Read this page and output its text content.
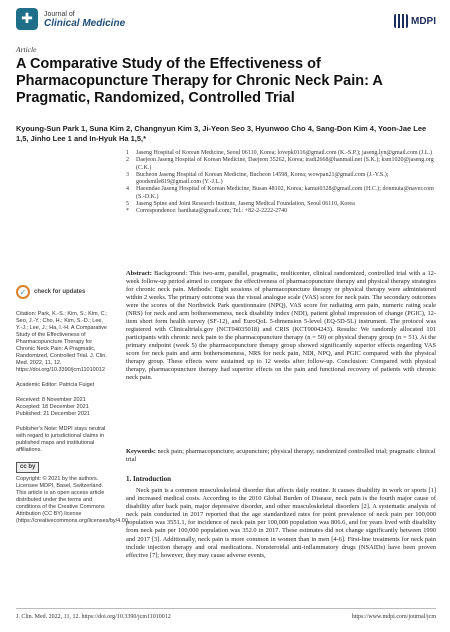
✚	Journal of
Clinical Medicine	MDPI
Article
A Comparative Study of the Effectiveness of Pharmacopuncture Therapy for Chronic Neck Pain: A Pragmatic, Randomized, Controlled Trial
Kyoung-Sun Park 1, Suna Kim 2, Changnyun Kim 3, Ji-Yeon Seo 3, Hyunwoo Cho 4, Sang-Don Kim 4, Yoon-Jae Lee 1,5, Jinho Lee 1 and In-Hyuk Ha 1,5,*
1	Jaseng Hospital of Korean Medicine, Seoul 06110, Korea; lovepk0116@gmail.com (K.-S.P.); jaseng.lyn@gmail.com (J.L.)
2	Daejeon Jaseng Hospital of Korean Medicine, Daejeon 35262, Korea; tradi2668@hanmail.net (S.K.); ksm1020@jaseng.org (C.K.)
3	Bucheon Jaseng Hospital of Korean Medicine, Bucheon 14598, Korea; wowpan21@gmail.com (J.-Y.S.); goodsmile819@gmail.com (Y.-J.L.)
4	Haeundae Jaseng Hospital of Korean Medicine, Busan 48102, Korea; kamui0328@gmail.com (H.C.); donmuta@naver.com (S.-D.K.)
5	Jaseng Spine and Joint Research Institute, Jaseng Medical Foundation, Seoul 06110, Korea
*	Correspondence: hanihata@gmail.com; Tel.: +82-2-2222-2740
✓	check for updates
Citation: Park, K.-S.; Kim, S.; Kim, C.; Seo, J.-Y.; Cho, H.; Kim, S.-D.; Lee, Y.-J.; Lee, J.; Ha, I.-H. A Comparative Study of the Effectiveness of Pharmacopuncture Therapy for Chronic Neck Pain: A Pragmatic, Randomized, Controlled Trial. J. Clin. Med. 2022, 11, 12. https://doi.org/10.3390/jcm11010012
Academic Editor: Patricia Fuiget
Received: 8 November 2021
Accepted: 18 December 2021
Published: 21 December 2021
Publisher's Note: MDPI stays neutral with regard to jurisdictional claims in published maps and institutional affiliations.
cc by
Copyright: © 2021 by the authors. Licensee MDPI, Basel, Switzerland. This article is an open access article distributed under the terms and conditions of the Creative Commons Attribution (CC BY) license (https://creativecommons.org/licenses/by/4.0/).
Abstract: Background: This two-arm, parallel, pragmatic, multicenter, clinical randomized, controlled trial with a 12-week follow-up period aimed to compare the effectiveness of pharmacopuncture therapy and physical therapy strategies for chronic neck pain. Methods: Eight sessions of pharmacopuncture therapy or physical therapy were administered within 2 weeks. The primary outcome was the visual analogue scale (VAS) score for neck pain. The secondary outcomes were the scores of the Northwick Park questionnaire (NPQ), VAS score for radiating arm pain, numeric rating scale (NRS) for neck and arm bothersomeness, neck disability index (NDI), patient global impression of change (PGIC), 12-item short form health survey (SF-12), and EuroQoL 5-dimension 5-level (EQ-5D-5L) instrument. The protocol was registered with Clinicaltrials.gov (NCT04035018) and CRIS (KCT0004243). Results: We randomly allocated 101 participants with chronic neck pain to the pharmacopuncture therapy (n = 50) or physical therapy group (n = 51). At the primary endpoint (week 5) the pharmacopuncture therapy group showed significantly superior effects regarding VAS score for neck pain and arm bothersomeness, NRS for neck pain, NDI, NPQ, and PGIC compared with the physical therapy group. These effects were sustained up to 12 weeks after follow-up. Conclusion: Compared with physical therapy, pharmacopuncture therapy had superior effects on the pain and functional recovery of patients with chronic neck pain.
Keywords: neck pain; pharmacopuncture; acupuncture; physical therapy; randomized controlled trial; pragmatic clinical trial
1. Introduction
Neck pain is a common musculoskeletal disorder that affects daily routine. It causes disability in work or sports [1] and increased medical costs. According to the 2010 Global Burden of Disease, neck pain is the fourth major cause of disability after back pain, major depressive disorder, and other musculoskeletal disorders [2]. A systematic analysis of neck pain conducted in 2017 reported that the age standardized rates for point prevalence of neck pain per 100,000 population was 3551.1, for incidence of neck pain per 100,000 population was 806.6, and for years lived with disability from neck pain per 100,000 population was 352.0 in 2017. These estimates did not change significantly between 1990 and 2017 [3]. Additionally, neck pain is more common in women than in men [4-6]. First-line treatments for neck pain include injection therapy and oral medications. Nonsteroidal anti-inflammatory drugs (NSAIDs) have been proven effective [7]; however, they may cause adverse events,
J. Clin. Med. 2022, 11, 12. https://doi.org/10.3390/jcm11010012	https://www.mdpi.com/journal/jcm
